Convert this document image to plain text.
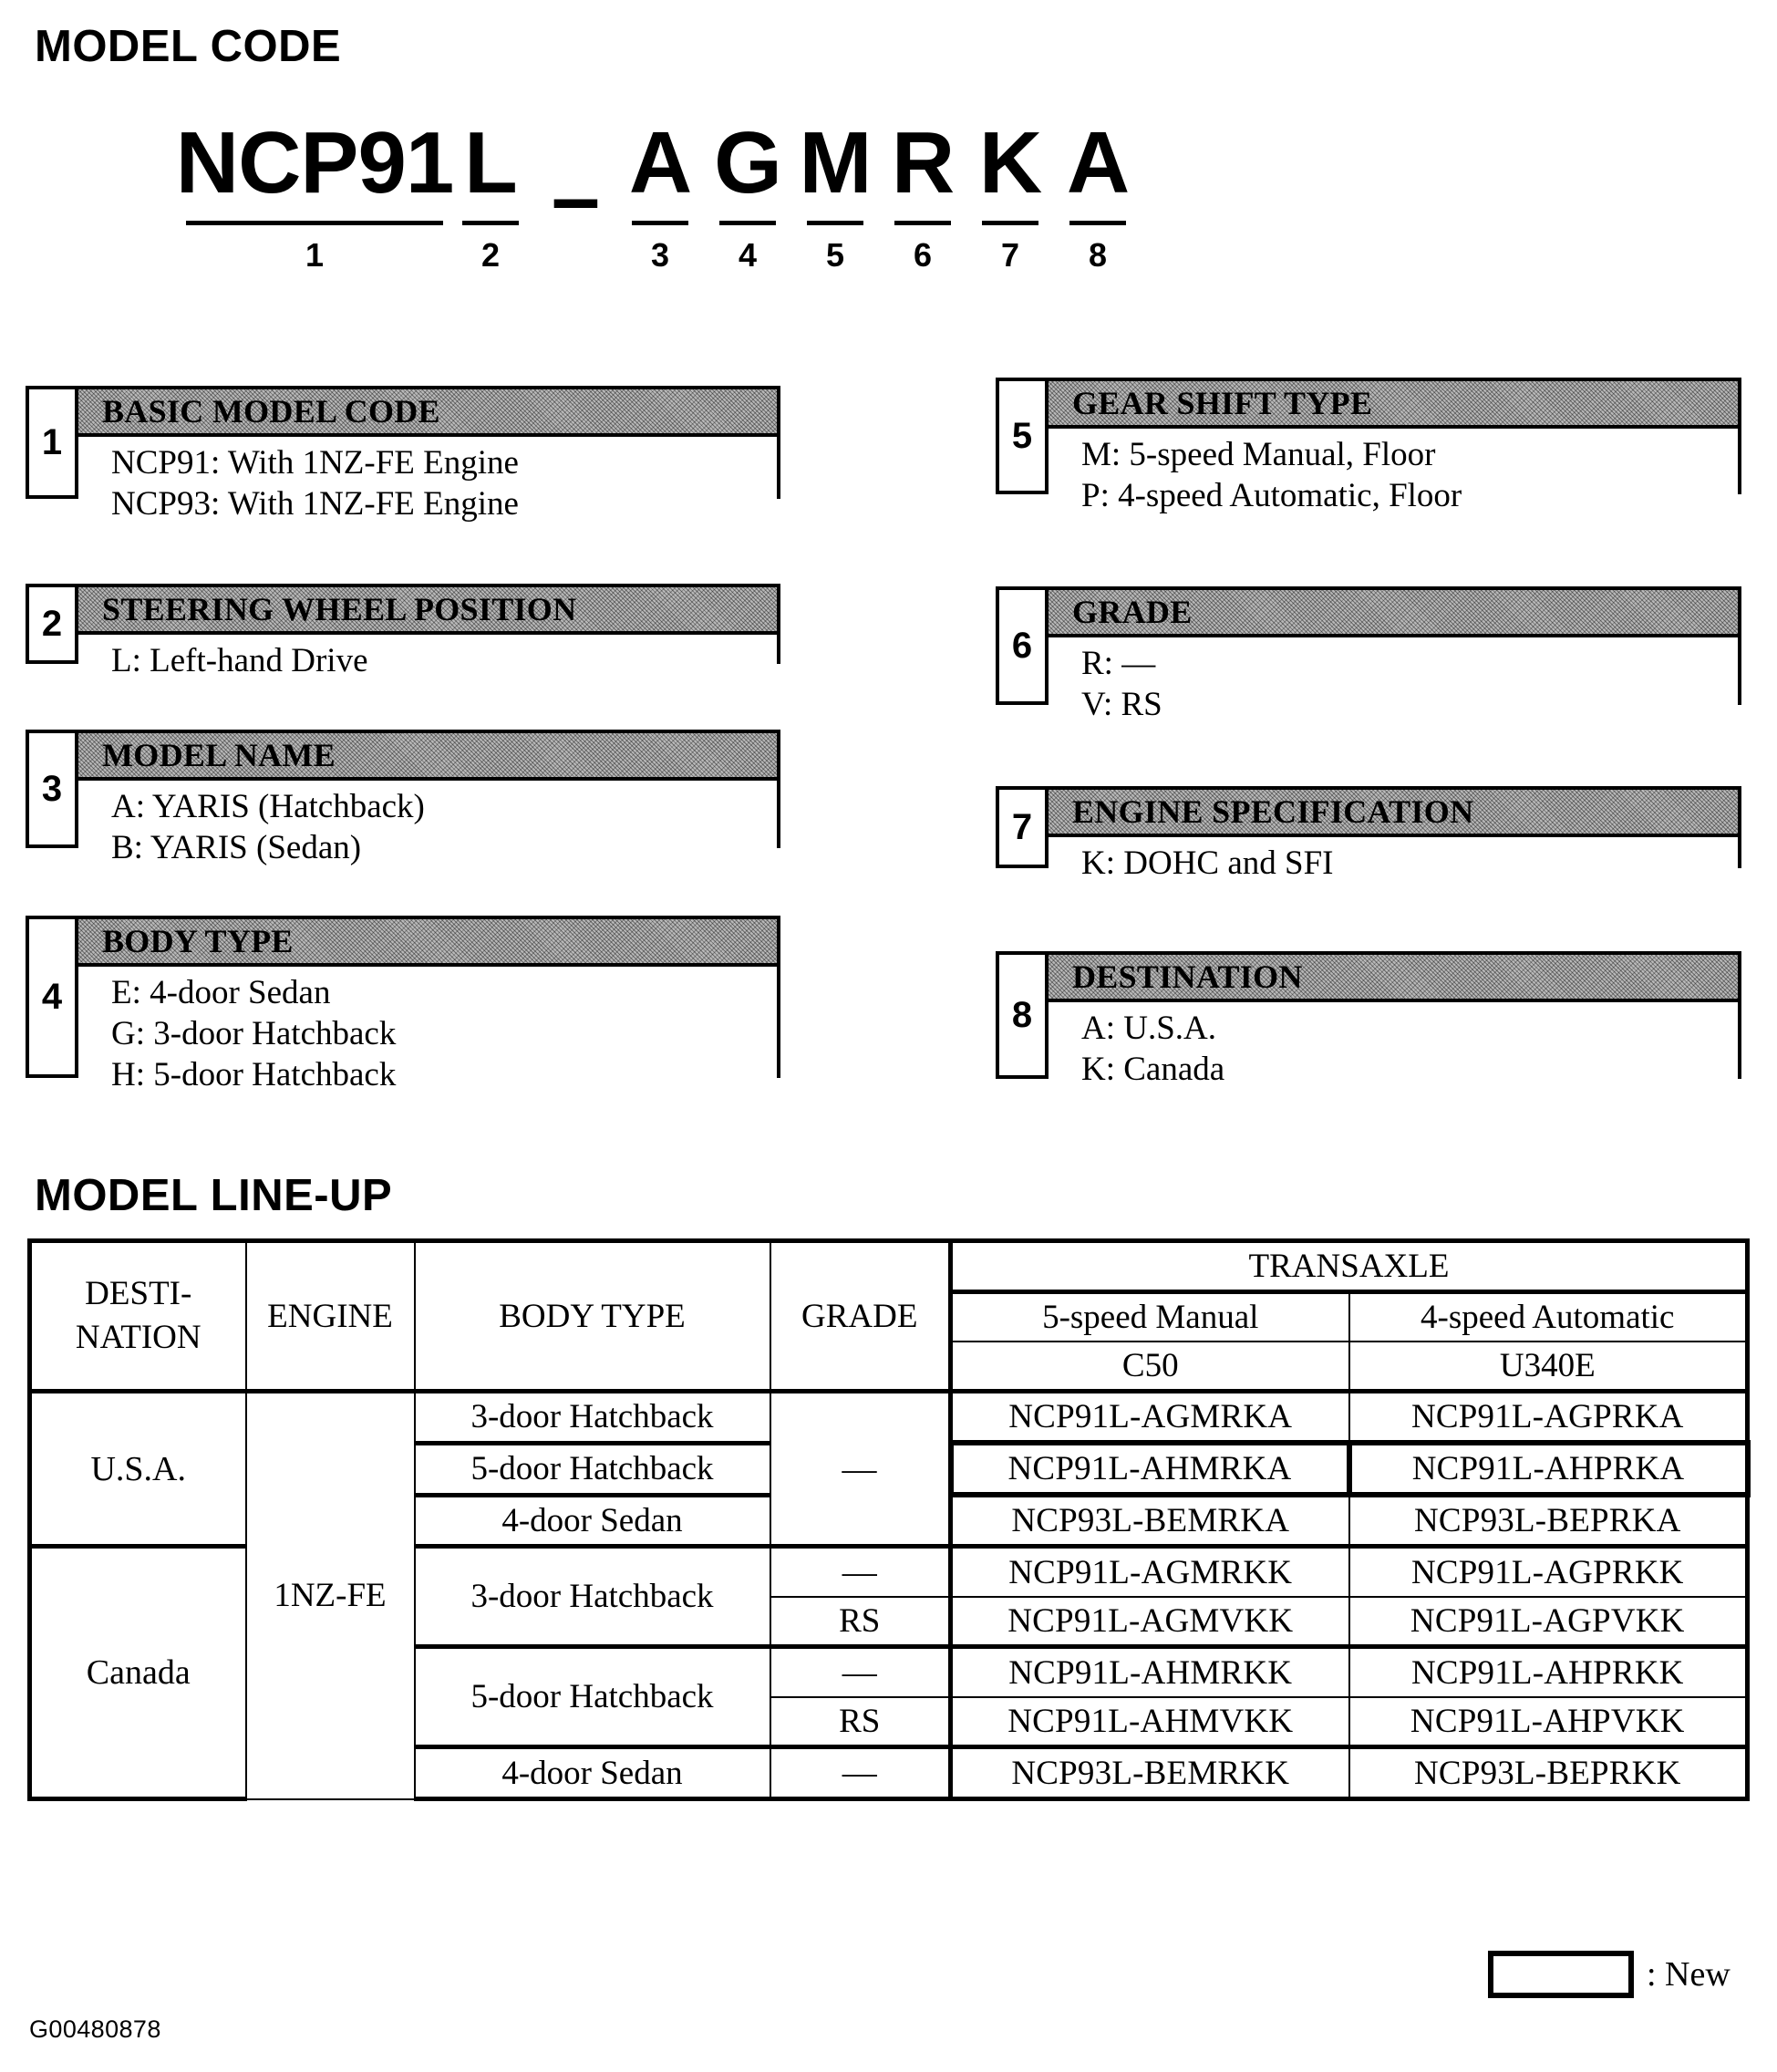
MODEL CODE
NCP91
1
L
2
– A
3
G
4
M
5
R
6
K
7
A
8
1
BASIC MODEL CODE
NCP91: With 1NZ-FE Engine
NCP93: With 1NZ-FE Engine
2	STEERING WHEEL POSITION
L: Left-hand Drive
3
MODEL NAME
A: YARIS (Hatchback)
B: YARIS (Sedan)
4
BODY TYPE
E: 4-door Sedan
G: 3-door Hatchback
H: 5-door Hatchback
5
GEAR SHIFT TYPE
M: 5-speed Manual, Floor
P: 4-speed Automatic, Floor
6
GRADE
R: —
V: RS
7	ENGINE SPECIFICATION
K: DOHC and SFI
8
DESTINATION
A: U.S.A.
K: Canada
MODEL LINE-UP
DESTI-
NATION	ENGINE	BODY TYPE	GRADE	TRANSAXLE	
				5-speed Manual	4-speed Automatic
				C50	U340E
U.S.A.	1NZ-FE	3-door Hatchback	—	NCP91L-AGMRKA	NCP91L-AGPRKA
		5-door Hatchback		NCP91L-AHMRKA	NCP91L-AHPRKA
		4-door Sedan		NCP93L-BEMRKA	NCP93L-BEPRKA
Canada		3-door Hatchback	—	NCP91L-AGMRKK	NCP91L-AGPRKK
			RS	NCP91L-AGMVKK	NCP91L-AGPVKK
		5-door Hatchback	—	NCP91L-AHMRKK	NCP91L-AHPRKK
			RS	NCP91L-AHMVKK	NCP91L-AHPVKK
		4-door Sedan	—	NCP93L-BEMRKK	NCP93L-BEPRKK
: New
G00480878
